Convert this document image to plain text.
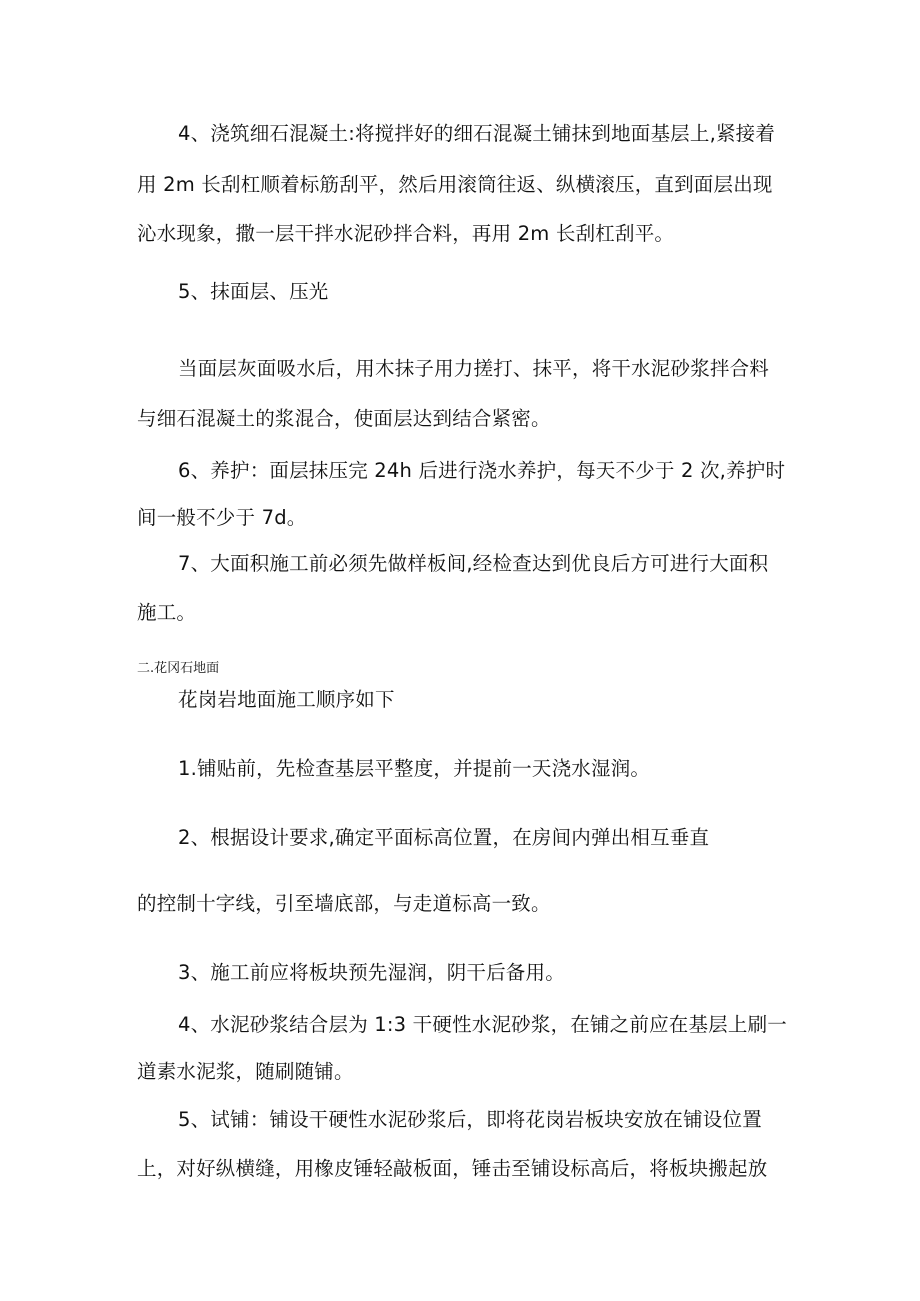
4、浇筑细石混凝土:将搅拌好的细石混凝土铺抹到地面基层上,紧接着
用 2m 长刮杠顺着标筋刮平，然后用滚筒往返、纵横滚压，直到面层出现
沁水现象，撒一层干拌水泥砂拌合料，再用 2m 长刮杠刮平。
5、抹面层、压光
当面层灰面吸水后，用木抹子用力搓打、抹平，将干水泥砂浆拌合料
与细石混凝土的浆混合，使面层达到结合紧密。
6、养护：面层抹压完 24h 后进行浇水养护，每天不少于 2 次,养护时
间一般不少于 7d。
7、大面积施工前必须先做样板间,经检查达到优良后方可进行大面积
施工。
二.花冈石地面
花岗岩地面施工顺序如下
1.铺贴前，先检查基层平整度，并提前一天浇水湿润。
2、根据设计要求,确定平面标高位置，在房间内弹出相互垂直
的控制十字线，引至墙底部，与走道标高一致。
3、施工前应将板块预先湿润，阴干后备用。
4、水泥砂浆结合层为 1:3 干硬性水泥砂浆，在铺之前应在基层上刷一
道素水泥浆，随刷随铺。
5、试铺：铺设干硬性水泥砂浆后，即将花岗岩板块安放在铺设位置
上，对好纵横缝，用橡皮锤轻敲板面，锤击至铺设标高后，将板块搬起放
